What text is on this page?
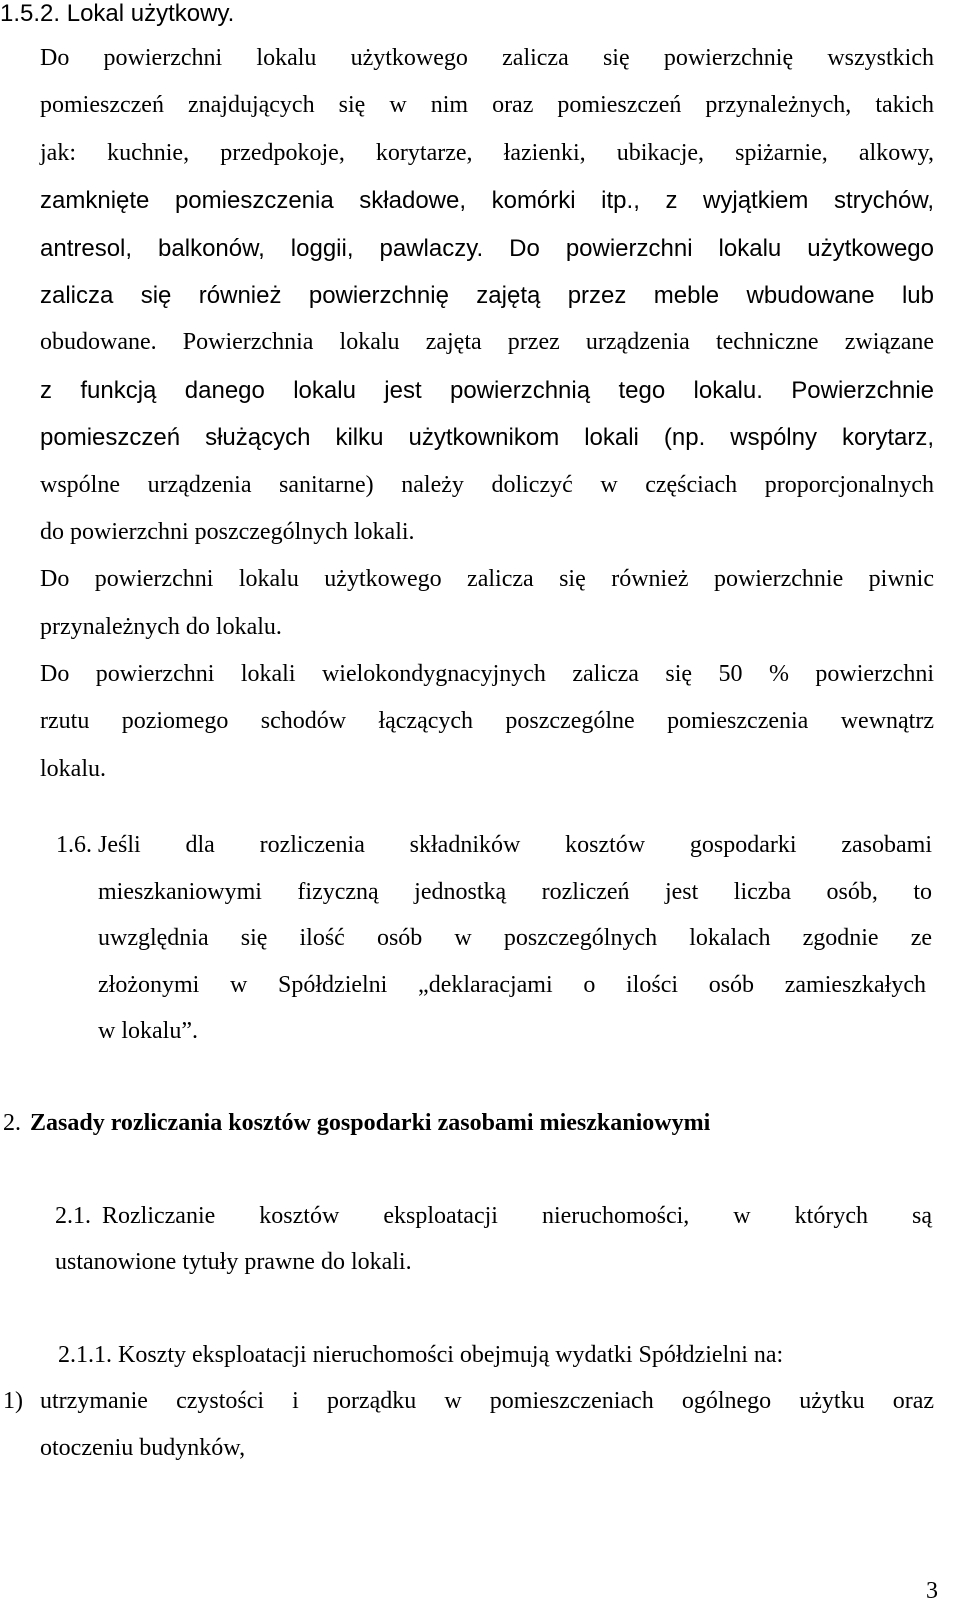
1.5.2. Lokal użytkowy.
Do powierzchni lokalu użytkowego zalicza się powierzchnię wszystkich
pomieszczeń znajdujących się w nim oraz pomieszczeń przynależnych, takich
jak: kuchnie, przedpokoje, korytarze, łazienki, ubikacje, spiżarnie, alkowy,
zamknięte pomieszczenia składowe, komórki itp., z wyjątkiem strychów,
antresol, balkonów, loggii, pawlaczy. Do powierzchni lokalu użytkowego
zalicza się również powierzchnię zajętą przez meble wbudowane lub
obudowane. Powierzchnia lokalu zajęta przez urządzenia techniczne związane
z funkcją danego lokalu jest powierzchnią tego lokalu. Powierzchnie
pomieszczeń służących kilku użytkownikom lokali (np. wspólny korytarz,
wspólne urządzenia sanitarne) należy doliczyć w częściach proporcjonalnych
do powierzchni poszczególnych lokali.
Do powierzchni lokalu użytkowego zalicza się również powierzchnie piwnic
przynależnych do lokalu.
Do powierzchni lokali wielokondygnacyjnych zalicza się 50 % powierzchni
rzutu poziomego schodów łączących poszczególne pomieszczenia wewnątrz
lokalu.
1.6. Jeśli dla rozliczenia składników kosztów gospodarki zasobami
mieszkaniowymi fizyczną jednostką rozliczeń jest liczba osób, to
uwzględnia się ilość osób w poszczególnych lokalach zgodnie ze
złożonymi w Spółdzielni „deklaracjami o ilości osób zamieszkałych
w lokalu”.
2. Zasady rozliczania kosztów gospodarki zasobami mieszkaniowymi
2.1. Rozliczanie kosztów eksploatacji nieruchomości, w których są
ustanowione tytuły prawne do lokali.
2.1.1. Koszty eksploatacji nieruchomości obejmują wydatki Spółdzielni na:
1) utrzymanie czystości i porządku w pomieszczeniach ogólnego użytku oraz
otoczeniu budynków,
3
